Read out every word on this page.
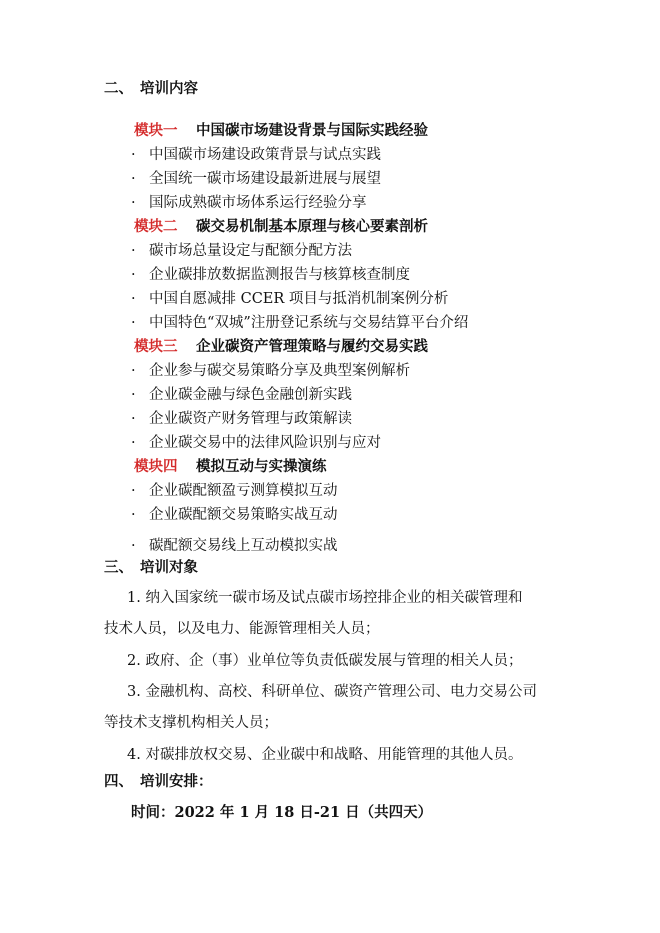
二、 培训内容
模块一 中国碳市场建设背景与国际实践经验
· 中国碳市场建设政策背景与试点实践
· 全国统一碳市场建设最新进展与展望
· 国际成熟碳市场体系运行经验分享
模块二 碳交易机制基本原理与核心要素剖析
· 碳市场总量设定与配额分配方法
· 企业碳排放数据监测报告与核算核查制度
· 中国自愿减排 CCER 项目与抵消机制案例分析
· 中国特色“双城”注册登记系统与交易结算平台介绍
模块三 企业碳资产管理策略与履约交易实践
· 企业参与碳交易策略分享及典型案例解析
· 企业碳金融与绿色金融创新实践
· 企业碳资产财务管理与政策解读
· 企业碳交易中的法律风险识别与应对
模块四 模拟互动与实操演练
· 企业碳配额盈亏测算模拟互动
· 企业碳配额交易策略实战互动
· 碳配额交易线上互动模拟实战
三、 培训对象
1. 纳入国家统一碳市场及试点碳市场控排企业的相关碳管理和
技术人员，以及电力、能源管理相关人员；
2. 政府、企（事）业单位等负责低碳发展与管理的相关人员；
3. 金融机构、高校、科研单位、碳资产管理公司、电力交易公司
等技术支撑机构相关人员；
4. 对碳排放权交易、企业碳中和战略、用能管理的其他人员。
四、 培训安排：
时间：2022 年 1 月 18 日-21 日（共四天）
